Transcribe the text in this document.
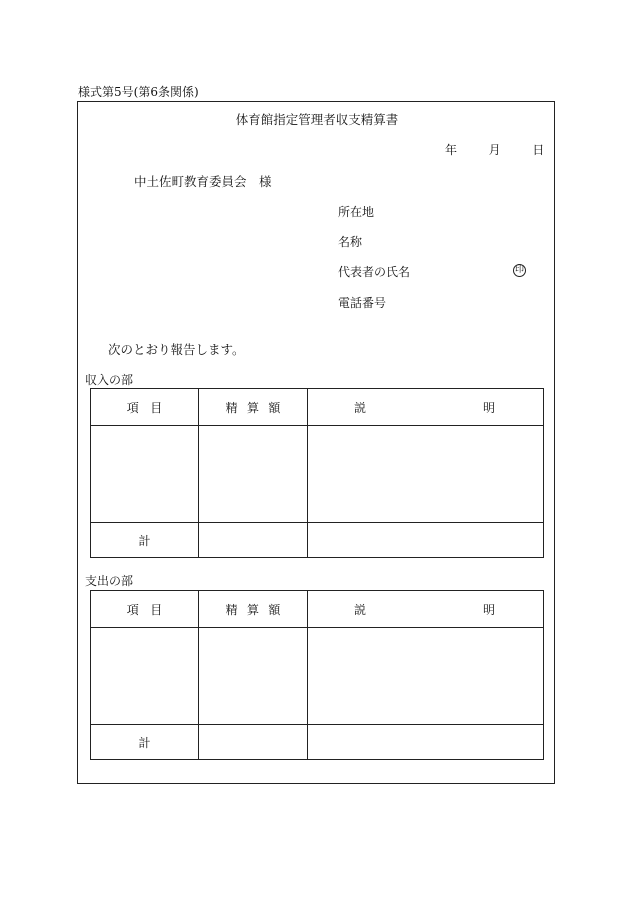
様式第5号(第6条関係)
体育館指定管理者収支精算書
年	月	日
中土佐町教育委員会　様
所在地
名称
代表者の氏名	印
電話番号
次のとおり報告します。
収入の部
項 目	精 算 額	説 明

計		
支出の部
項 目	精 算 額	説 明

計		
